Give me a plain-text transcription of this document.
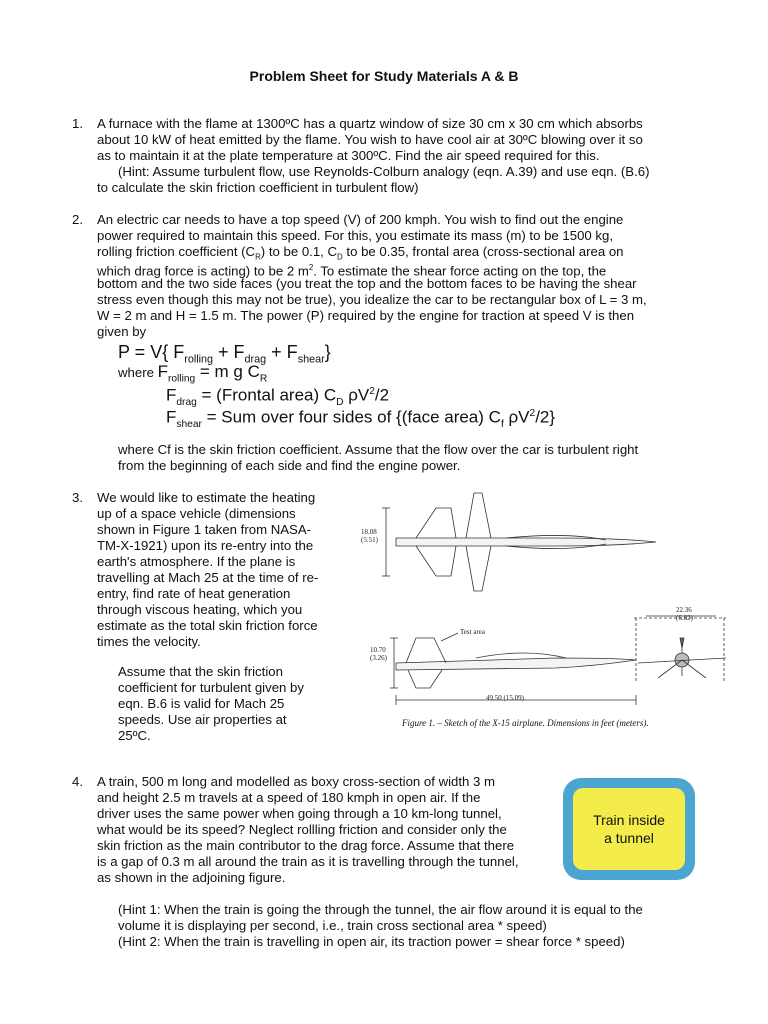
Problem Sheet for Study Materials A & B
1. A furnace with the flame at 1300ºC has a quartz window of size 30 cm x 30 cm which absorbs
about 10 kW of heat emitted by the flame. You wish to have cool air at 30ºC blowing over it so
as to maintain it at the plate temperature at 300ºC. Find the air speed required for this.
(Hint: Assume turbulent flow, use Reynolds-Colburn analogy (eqn. A.39) and use eqn. (B.6)
to calculate the skin friction coefficient in turbulent flow)
2. An electric car needs to have a top speed (V) of 200 kmph. You wish to find out the engine
power required to maintain this speed. For this, you estimate its mass (m) to be 1500 kg,
rolling friction coefficient $(C_R)$ to be 0.1, $C_D$ to be 0.35, frontal area (cross-sectional area on
which drag force is acting) to be 2 $m^2$. To estimate the shear force acting on the top, the
bottom and the two side faces (you treat the top and the bottom faces to be having the shear
stress even though this may not be true), you idealize the car to be rectangular box of L = 3 m,
W = 2 m and H = 1.5 m. The power (P) required by the engine for traction at speed V is then
given by
P = V{ $F_{rolling} + F_{drag} + F_{shear}$}
where $F_{rolling} = m$ g $C_R$
$F_{drag}$ = (Frontal area) $C_D$ $\rho V^2/2$
$F_{shear}$ = Sum over four sides of {(face area) $C_f$ $\rho V^2/2$}
where Cf is the skin friction coefficient. Assume that the flow over the car is turbulent right
from the beginning of each side and find the engine power.
3. We would like to estimate the heating
up of a space vehicle (dimensions
shown in Figure 1 taken from NASA-
TM-X-1921) upon its re-entry into the
earth's atmosphere. If the plane is
travelling at Mach 25 at the time of re-
entry, find rate of heat generation
through viscous heating, which you
estimate as the total skin friction force
times the velocity.
Assume that the skin friction
coefficient for turbulent given by
eqn. B.6 is valid for Mach 25
speeds. Use air properties at
25ºC.
18.08
(5.51)
10.70
(3.26)
49.50 (15.09)
22.36
(6.82)
Test area
Figure 1. – Sketch of the X-15 airplane. Dimensions in feet (meters).
4. A train, 500 m long and modelled as boxy cross-section of width 3 m
and height 2.5 m travels at a speed of 180 kmph in open air. If the
driver uses the same power when going through a 10 km-long tunnel,
what would be its speed? Neglect rollling friction and consider only the
skin friction as the main contributor to the drag force. Assume that there
is a gap of 0.3 m all around the train as it is travelling through the tunnel,
as shown in the adjoining figure.
(Hint 1: When the train is going the through the tunnel, the air flow around it is equal to the
volume it is displaying per second, i.e., train cross sectional area * speed)
(Hint 2: When the train is travelling in open air, its traction power = shear force * speed)
Train inside
a tunnel
